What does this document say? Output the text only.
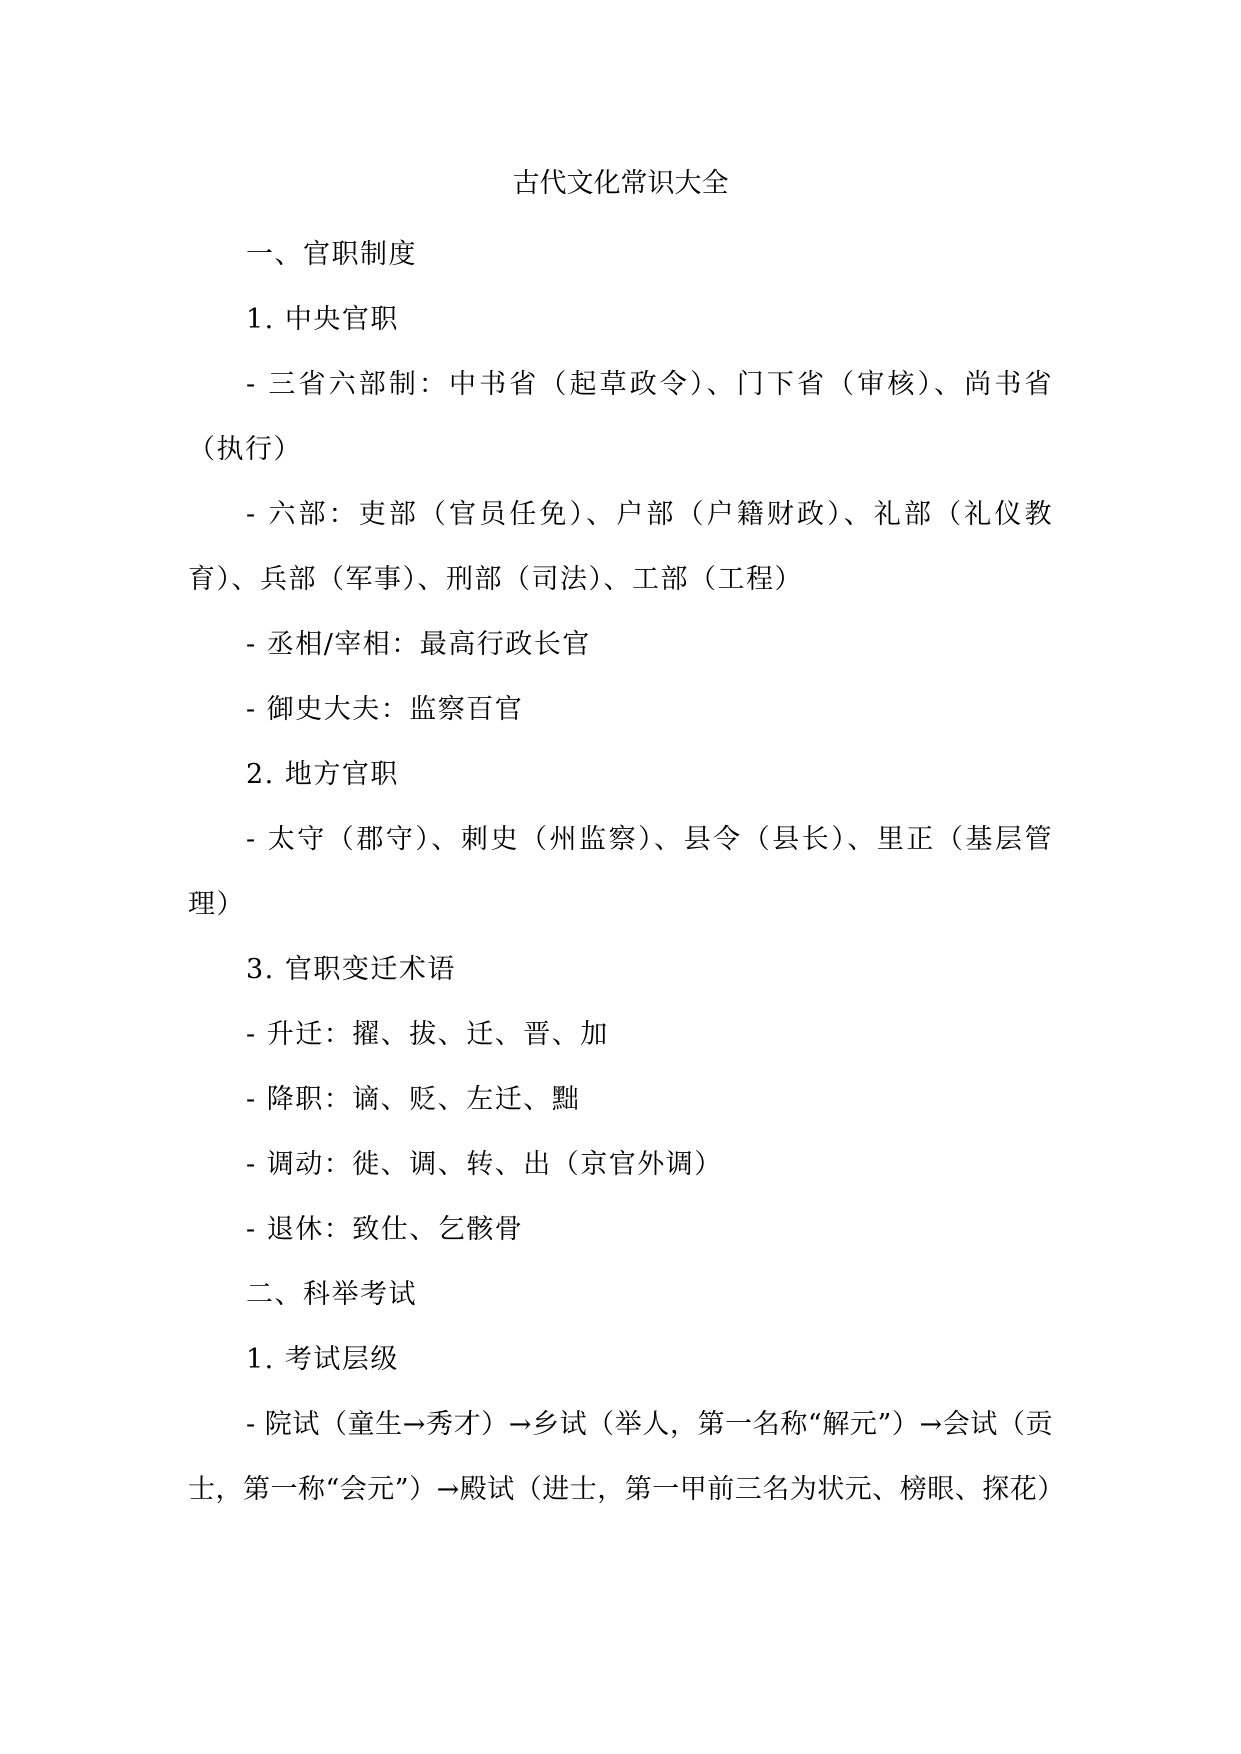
古代文化常识大全

一、官职制度

1. 中央官职

- 三省六部制：中书省（起草政令）、门下省（审核）、尚书省（执行）

- 六部：吏部（官员任免）、户部（户籍财政）、礼部（礼仪教育）、兵部（军事）、刑部（司法）、工部（工程）

- 丞相/宰相：最高行政长官

- 御史大夫：监察百官

2. 地方官职

- 太守（郡守）、刺史（州监察）、县令（县长）、里正（基层管理）

3. 官职变迁术语

- 升迁：擢、拔、迁、晋、加

- 降职：谪、贬、左迁、黜

- 调动：徙、调、转、出（京官外调）

- 退休：致仕、乞骸骨

二、科举考试

1. 考试层级

- 院试（童生→秀才）→乡试（举人，第一名称“解元”）→会试（贡士，第一称“会元”）→殿试（进士，第一甲前三名为状元、榜眼、探花）
